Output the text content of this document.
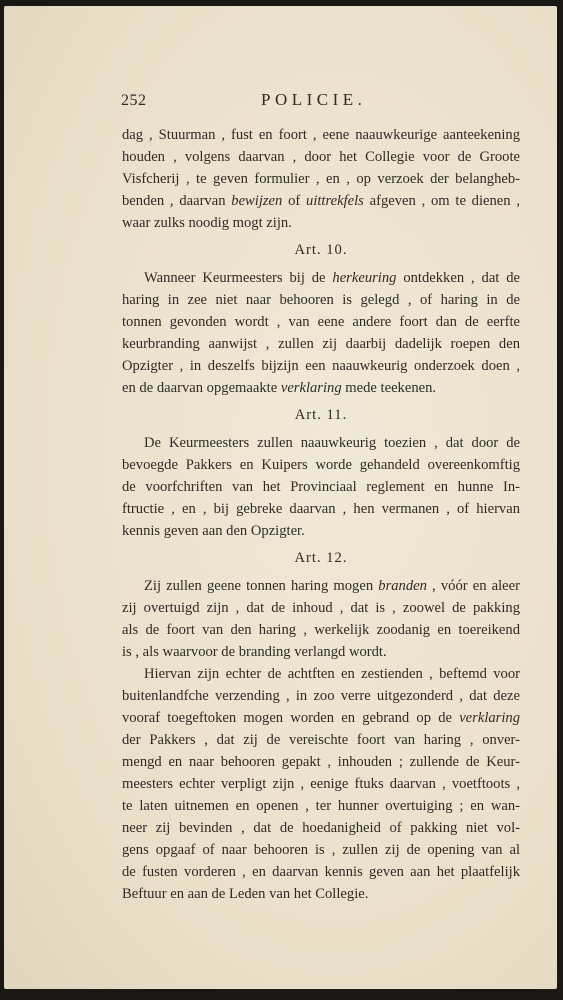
252	POLICIE.
dag , Stuurman , fust en foort , eene naauwkeurige aanteekening
houden , volgens daarvan , door het Collegie voor de Groote
Visfcherij , te geven formulier , en , op verzoek der belangheb-
benden , daarvan bewijzen of uittrekfels afgeven , om te dienen ,
waar zulks noodig mogt zijn.
Art. 10.
Wanneer Keurmeesters bij de herkeuring ontdekken , dat de
haring in zee niet naar behooren is gelegd , of haring in de
tonnen gevonden wordt , van eene andere foort dan de eerfte
keurbranding aanwijst , zullen zij daarbij dadelijk roepen den
Opzigter , in deszelfs bijzijn een naauwkeurig onderzoek doen ,
en de daarvan opgemaakte verklaring mede teekenen.
Art. 11.
De Keurmeesters zullen naauwkeurig toezien , dat door de
bevoegde Pakkers en Kuipers worde gehandeld overeenkomftig
de voorfchriften van het Provinciaal reglement en hunne In-
ftructie , en , bij gebreke daarvan , hen vermanen , of hiervan
kennis geven aan den Opzigter.
Art. 12.
Zij zullen geene tonnen haring mogen branden , vóór en aleer
zij overtuigd zijn , dat de inhoud , dat is , zoowel de pakking
als de foort van den haring , werkelijk zoodanig en toereikend
is , als waarvoor de branding verlangd wordt.
Hiervan zijn echter de achtften en zestienden , beftemd voor
buitenlandfche verzending , in zoo verre uitgezonderd , dat deze
vooraf toegeftoken mogen worden en gebrand op de verklaring
der Pakkers , dat zij de vereischte foort van haring , onver-
mengd en naar behooren gepakt , inhouden ; zullende de Keur-
meesters echter verpligt zijn , eenige ftuks daarvan , voetftoots ,
te laten uitnemen en openen , ter hunner overtuiging ; en wan-
neer zij bevinden , dat de hoedanigheid of pakking niet vol-
gens opgaaf of naar behooren is , zullen zij de opening van al
de fusten vorderen , en daarvan kennis geven aan het plaatfelijk
Beftuur en aan de Leden van het Collegie.
